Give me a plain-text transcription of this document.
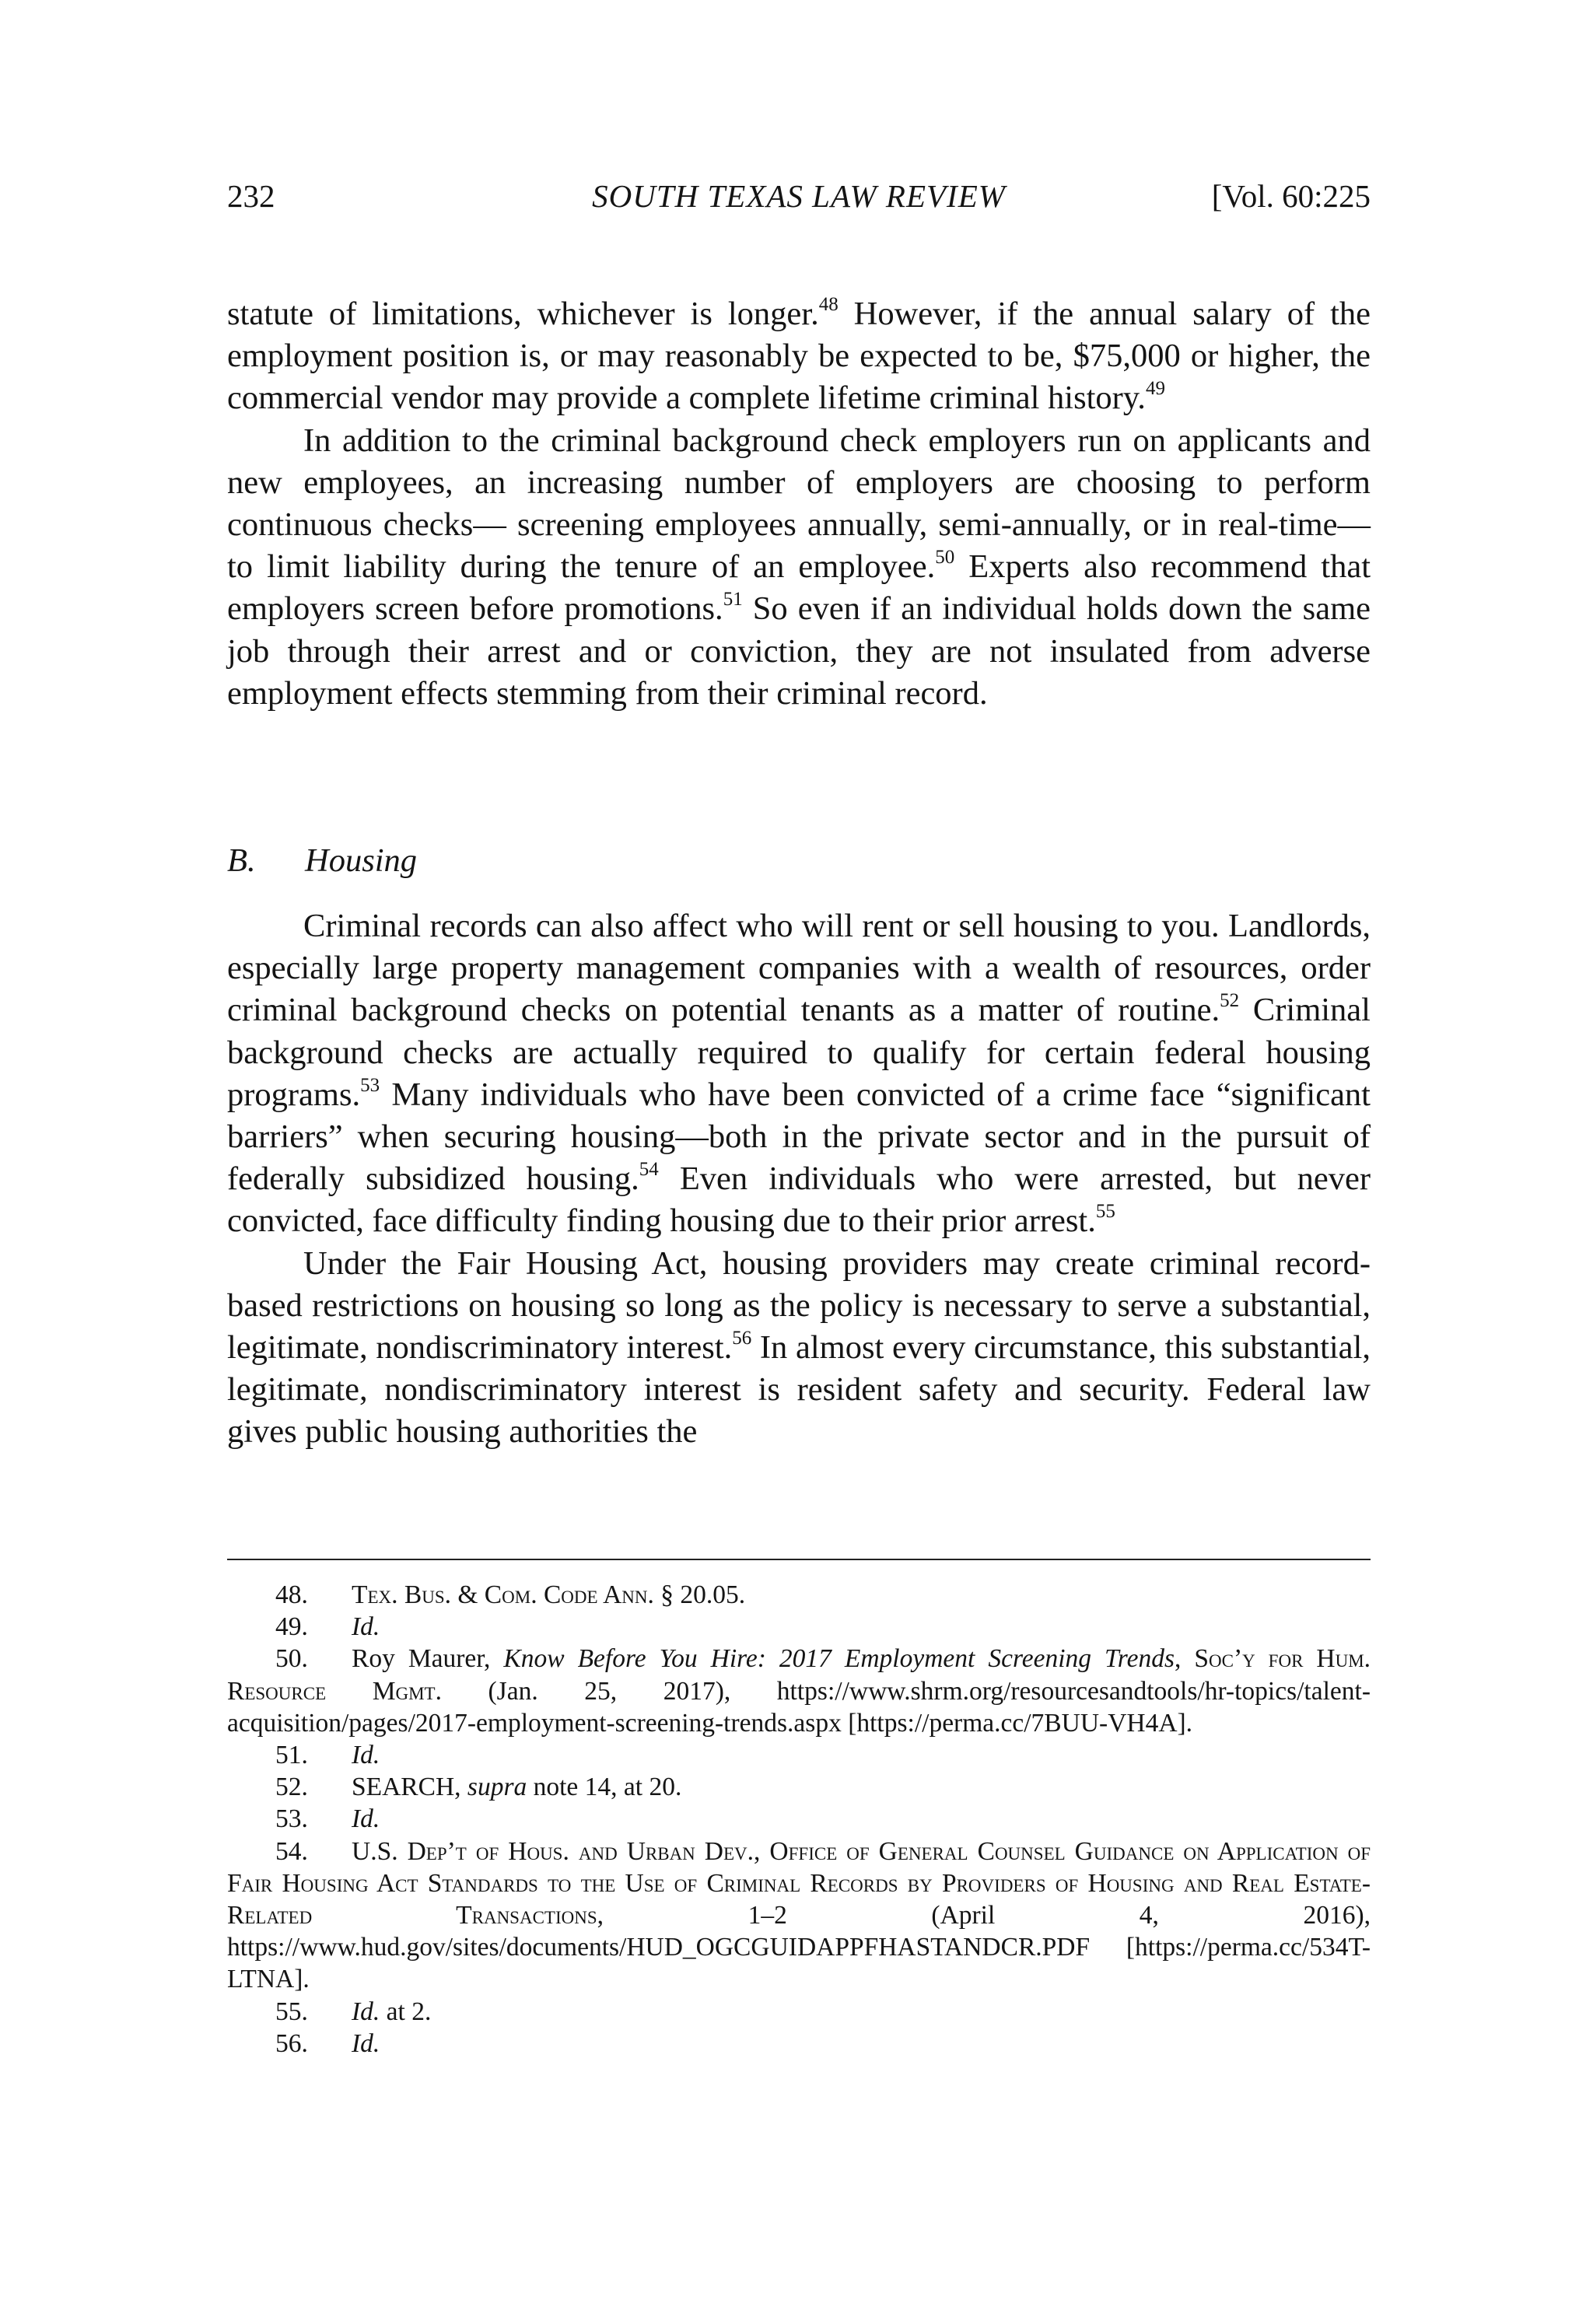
232	SOUTH TEXAS LAW REVIEW	[Vol. 60:225

statute of limitations, whichever is longer.$^{48}$ However, if the annual salary of the employment position is, or may reasonably be expected to be, $75,000 or higher, the commercial vendor may provide a complete lifetime criminal history.$^{49}$

In addition to the criminal background check employers run on applicants and new employees, an increasing number of employers are choosing to perform continuous checks— screening employees annually, semi-annually, or in real-time—to limit liability during the tenure of an employee.$^{50}$ Experts also recommend that employers screen before promotions.$^{51}$ So even if an individual holds down the same job through their arrest and or conviction, they are not insulated from adverse employment effects stemming from their criminal record.

B. Housing

Criminal records can also affect who will rent or sell housing to you. Landlords, especially large property management companies with a wealth of resources, order criminal background checks on potential tenants as a matter of routine.$^{52}$ Criminal background checks are actually required to qualify for certain federal housing programs.$^{53}$ Many individuals who have been convicted of a crime face “significant barriers” when securing housing—both in the private sector and in the pursuit of federally subsidized housing.$^{54}$ Even individuals who were arrested, but never convicted, face difficulty finding housing due to their prior arrest.$^{55}$

Under the Fair Housing Act, housing providers may create criminal record-based restrictions on housing so long as the policy is necessary to serve a substantial, legitimate, nondiscriminatory interest.$^{56}$ In almost every circumstance, this substantial, legitimate, nondiscriminatory interest is resident safety and security. Federal law gives public housing authorities the

48. Tex. Bus. & Com. Code Ann. § 20.05.
49. Id.
50. Roy Maurer, Know Before You Hire: 2017 Employment Screening Trends, Soc’y for Hum. Resource Mgmt. (Jan. 25, 2017), https://www.shrm.org/resourcesandtools/hr-topics/talent-acquisition/pages/2017-employment-screening-trends.aspx [https://perma.cc/7BUU-VH4A].
51. Id.
52. SEARCH, supra note 14, at 20.
53. Id.
54. U.S. Dep’t of Hous. and Urban Dev., Office of General Counsel Guidance on Application of Fair Housing Act Standards to the Use of Criminal Records by Providers of Housing and Real Estate-Related Transactions, 1–2 (April 4, 2016), https://www.hud.gov/sites/documents/HUD_OGCGUIDAPPFHASTANDCR.PDF [https://perma.cc/534T-LTNA].
55. Id. at 2.
56. Id.
